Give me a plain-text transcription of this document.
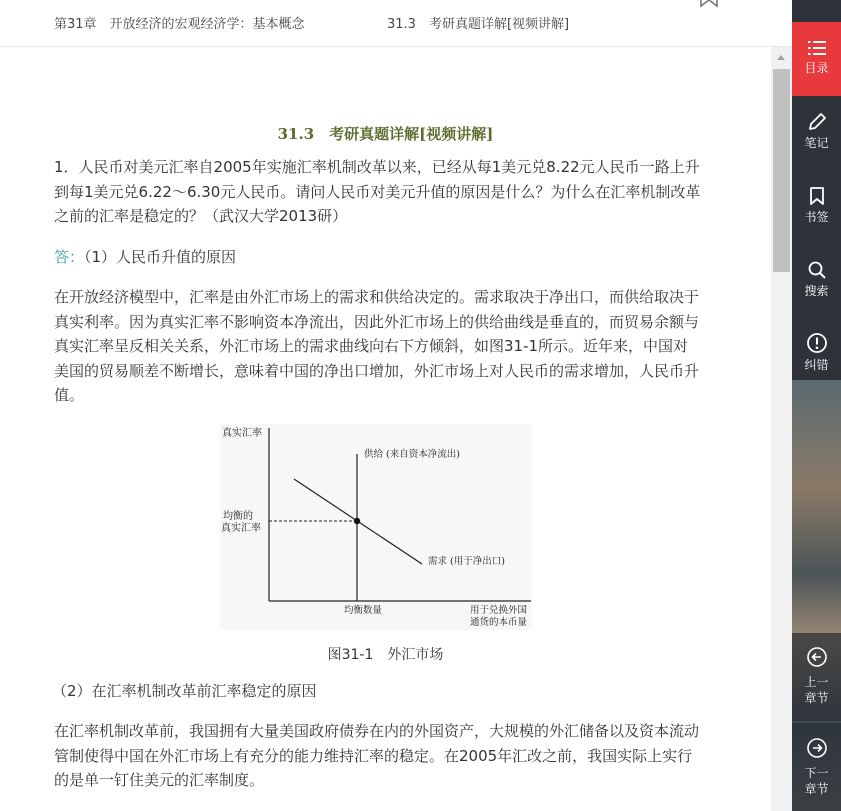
第31章　开放经济的宏观经济学：基本概念	31.3　考研真题详解[视频讲解]
31.3　考研真题详解[视频讲解]

1．人民币对美元汇率自2005年实施汇率机制改革以来，已经从每1美元兑8.22元人民币一路上升到每1美元兑6.22～6.30元人民币。请问人民币对美元升值的原因是什么？为什么在汇率机制改革之前的汇率是稳定的？（武汉大学2013研）

答：（1）人民币升值的原因

在开放经济模型中，汇率是由外汇市场上的需求和供给决定的。需求取决于净出口，而供给取决于真实利率。因为真实汇率不影响资本净流出，因此外汇市场上的供给曲线是垂直的，而贸易余额与真实汇率呈反相关关系，外汇市场上的需求曲线向右下方倾斜，如图31-1所示。近年来，中国对美国的贸易顺差不断增长，意味着中国的净出口增加，外汇市场上对人民币的需求增加，人民币升值。

真实汇率
均衡的
真实汇率
供给 (来自资本净流出)
需求 (用于净出口)
均衡数量	用于兑换外国
通货的本币量
图31-1　外汇市场

（2）在汇率机制改革前汇率稳定的原因

在汇率机制改革前，我国拥有大量美国政府债券在内的外国资产，大规模的外汇储备以及资本流动管制使得中国在外汇市场上有充分的能力维持汇率的稳定。在2005年汇改之前，我国实际上实行的是单一钉住美元的汇率制度。

目录
笔记
书签
搜索
纠错
上一章节
下一章节
